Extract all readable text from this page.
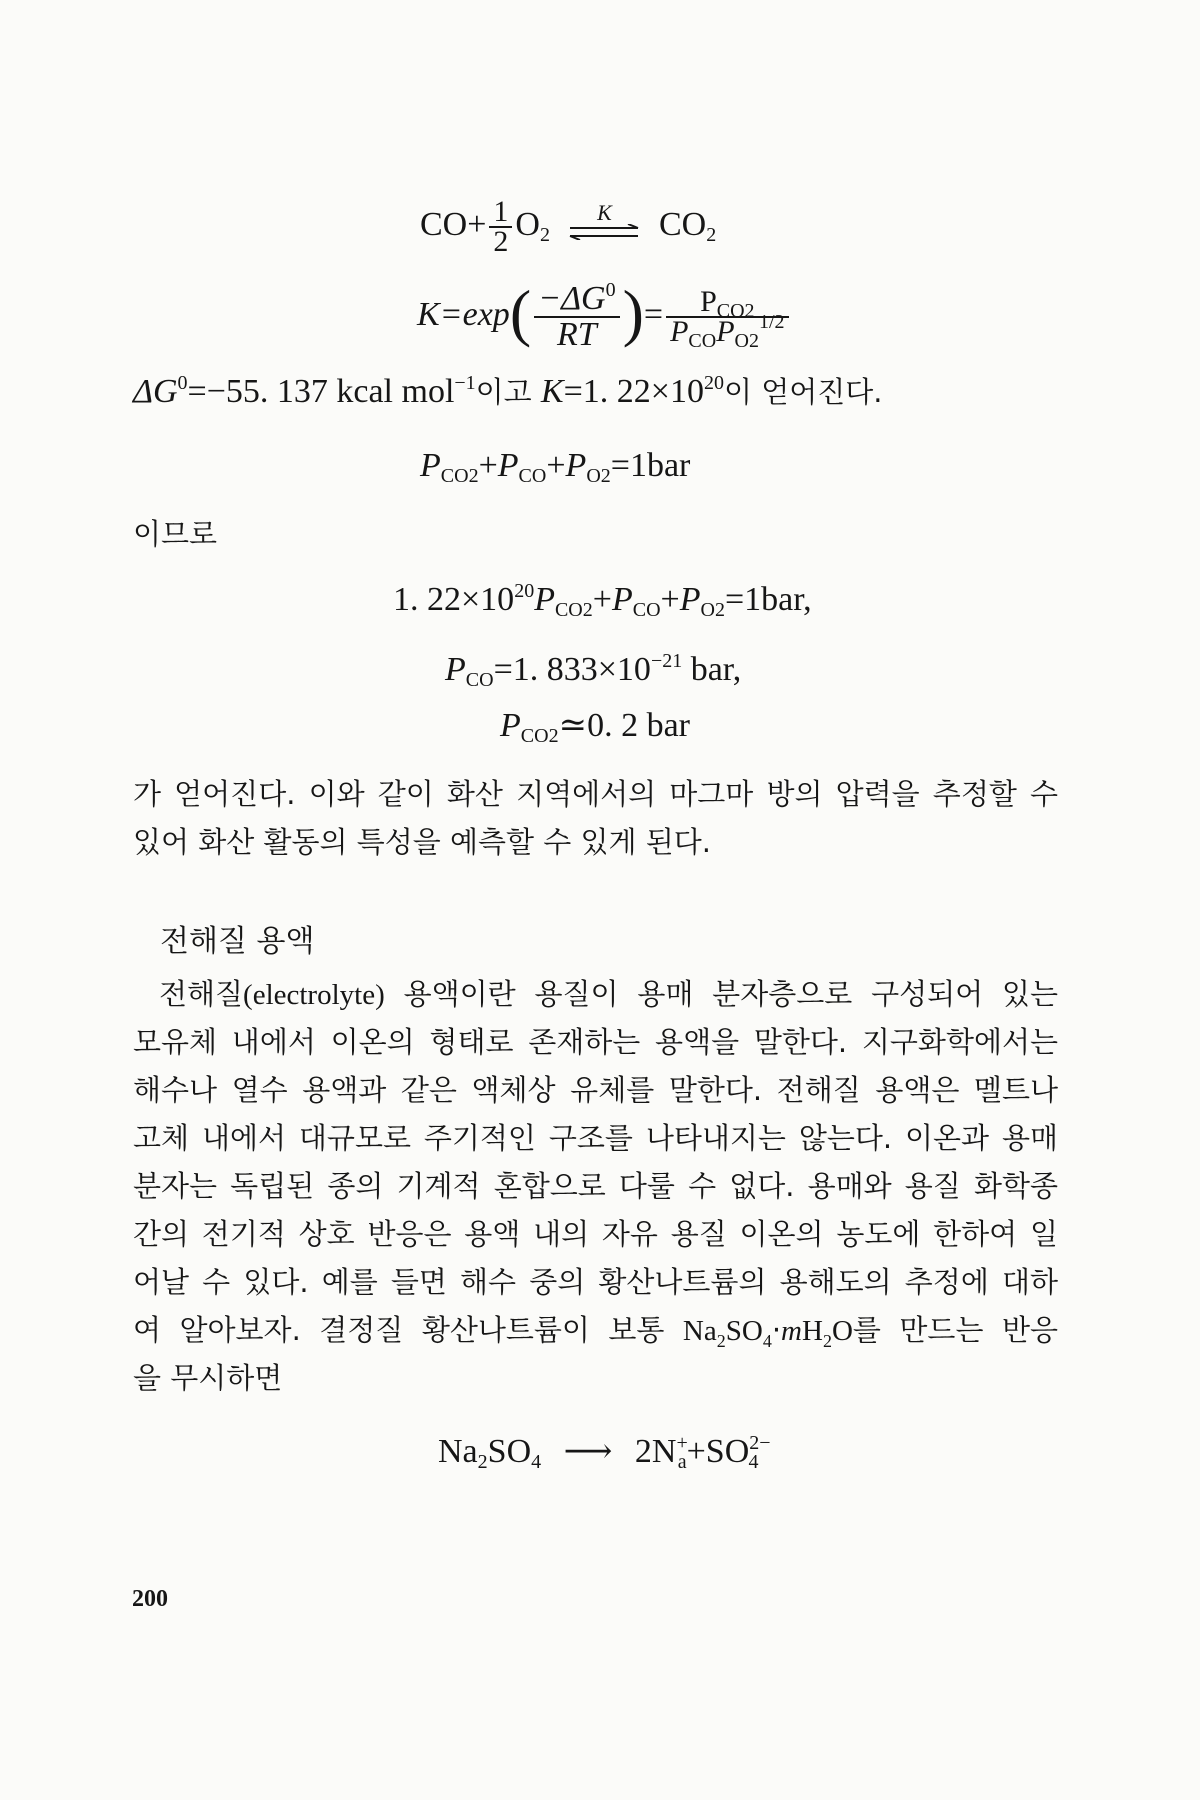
$CO+ \frac{1}{2} O_2$
K	$CO_2$
$K=\exp( \frac{-\Delta G^0}{RT}$ )= $\frac{P_{CO2}}{P_{CO}P_{O2}^{1/2}}$
$\Delta G^0=-55$. 137 kcal mol$^{-1}$이고 K=1. $22\times 10^{20}$이 얻어진다.
$P_{CO2}+P_{CO}+P_{O2}=1bar$
이므로
1. $22\times 10^{20}P_{CO2}+P_{CO}+P_{O2}=1bar$,
$P_{CO}=1$. $833\times 10^{-21}$ bar,
$P_{CO2}≃0$. 2 bar
가 얻어진다. 이와 같이 화산 지역에서의 마그마 방의 압력을 추정할 수
있어 화산 활동의 특성을 예측할 수 있게 된다.
전해질 용액
전해질(electrolyte) 용액이란 용질이 용매 분자층으로 구성되어 있는
모유체 내에서 이온의 형태로 존재하는 용액을 말한다. 지구화학에서는
해수나 열수 용액과 같은 액체상 유체를 말한다. 전해질 용액은 멜트나
고체 내에서 대규모로 주기적인 구조를 나타내지는 않는다. 이온과 용매
분자는 독립된 종의 기계적 혼합으로 다룰 수 없다. 용매와 용질 화학종
간의 전기적 상호 반응은 용액 내의 자유 용질 이온의 농도에 한하여 일
어날 수 있다. 예를 들면 해수 중의 황산나트륨의 용해도의 추정에 대하
여 알아보자. 결정질 황산나트륨이 보통 $Na_2SO_4\cdot mH_2O$를 만드는 반응
을 무시하면
$Na_2SO_4$ ⟶ $2N^+_a+SO^{2-}_4$
200
